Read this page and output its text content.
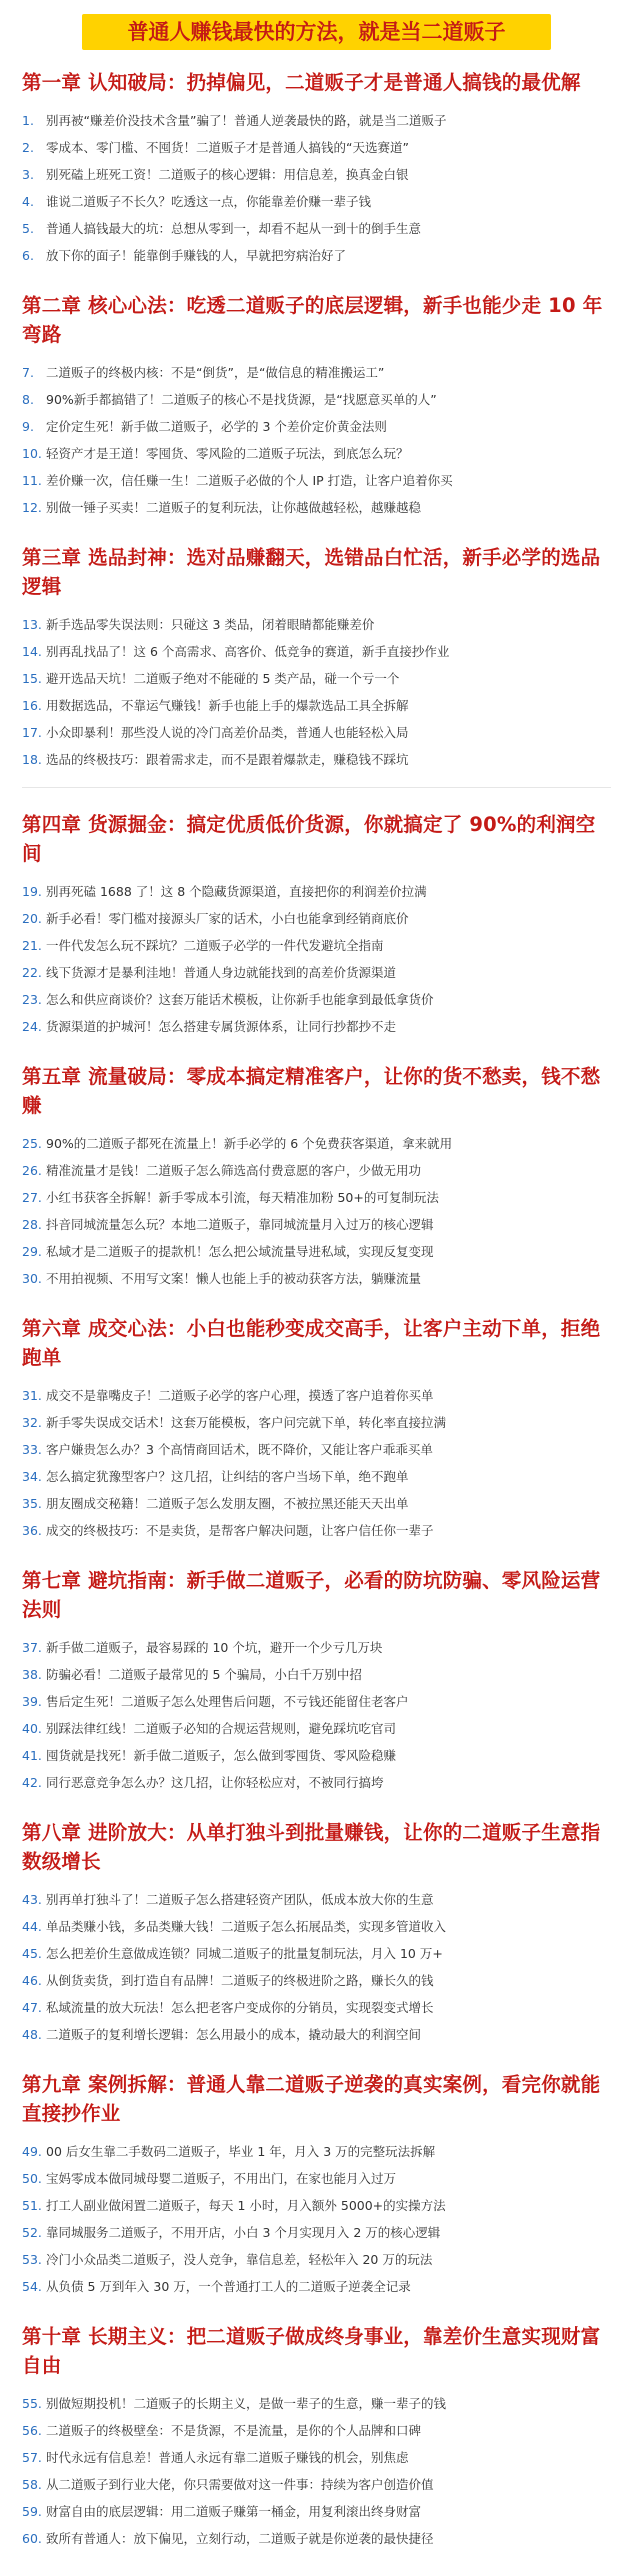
普通人赚钱最快的方法，就是当二道贩子
第一章 认知破局：扔掉偏见，二道贩子才是普通人搞钱的最优解
1. 别再被“赚差价没技术含量”骗了！普通人逆袭最快的路，就是当二道贩子
2. 零成本、零门槛、不囤货！二道贩子才是普通人搞钱的“天选赛道”
3. 别死磕上班死工资！二道贩子的核心逻辑：用信息差，换真金白银
4. 谁说二道贩子不长久？吃透这一点，你能靠差价赚一辈子钱
5. 普通人搞钱最大的坑：总想从零到一，却看不起从一到十的倒手生意
6. 放下你的面子！能靠倒手赚钱的人，早就把穷病治好了
第二章 核心心法：吃透二道贩子的底层逻辑，新手也能少走 10 年弯路
7. 二道贩子的终极内核：不是“倒货”，是“做信息的精准搬运工”
8. 90%新手都搞错了！二道贩子的核心不是找货源，是“找愿意买单的人”
9. 定价定生死！新手做二道贩子，必学的 3 个差价定价黄金法则
10. 轻资产才是王道！零囤货、零风险的二道贩子玩法，到底怎么玩？
11. 差价赚一次，信任赚一生！二道贩子必做的个人 IP 打造，让客户追着你买
12. 别做一锤子买卖！二道贩子的复利玩法，让你越做越轻松，越赚越稳
第三章 选品封神：选对品赚翻天，选错品白忙活，新手必学的选品逻辑
13. 新手选品零失误法则：只碰这 3 类品，闭着眼睛都能赚差价
14. 别再乱找品了！这 6 个高需求、高客价、低竞争的赛道，新手直接抄作业
15. 避开选品天坑！二道贩子绝对不能碰的 5 类产品，碰一个亏一个
16. 用数据选品，不靠运气赚钱！新手也能上手的爆款选品工具全拆解
17. 小众即暴利！那些没人说的冷门高差价品类，普通人也能轻松入局
18. 选品的终极技巧：跟着需求走，而不是跟着爆款走，赚稳钱不踩坑
第四章 货源掘金：搞定优质低价货源，你就搞定了 90%的利润空间
19. 别再死磕 1688 了！这 8 个隐藏货源渠道，直接把你的利润差价拉满
20. 新手必看！零门槛对接源头厂家的话术，小白也能拿到经销商底价
21. 一件代发怎么玩不踩坑？二道贩子必学的一件代发避坑全指南
22. 线下货源才是暴利洼地！普通人身边就能找到的高差价货源渠道
23. 怎么和供应商谈价？这套万能话术模板，让你新手也能拿到最低拿货价
24. 货源渠道的护城河！怎么搭建专属货源体系，让同行抄都抄不走
第五章 流量破局：零成本搞定精准客户，让你的货不愁卖，钱不愁赚
25. 90%的二道贩子都死在流量上！新手必学的 6 个免费获客渠道，拿来就用
26. 精准流量才是钱！二道贩子怎么筛选高付费意愿的客户，少做无用功
27. 小红书获客全拆解！新手零成本引流，每天精准加粉 50+的可复制玩法
28. 抖音同城流量怎么玩？本地二道贩子，靠同城流量月入过万的核心逻辑
29. 私域才是二道贩子的提款机！怎么把公域流量导进私域，实现反复变现
30. 不用拍视频、不用写文案！懒人也能上手的被动获客方法，躺赚流量
第六章 成交心法：小白也能秒变成交高手，让客户主动下单，拒绝跑单
31. 成交不是靠嘴皮子！二道贩子必学的客户心理，摸透了客户追着你买单
32. 新手零失误成交话术！这套万能模板，客户问完就下单，转化率直接拉满
33. 客户嫌贵怎么办？3 个高情商回话术，既不降价，又能让客户乖乖买单
34. 怎么搞定犹豫型客户？这几招，让纠结的客户当场下单，绝不跑单
35. 朋友圈成交秘籍！二道贩子怎么发朋友圈，不被拉黑还能天天出单
36. 成交的终极技巧：不是卖货，是帮客户解决问题，让客户信任你一辈子
第七章 避坑指南：新手做二道贩子，必看的防坑防骗、零风险运营法则
37. 新手做二道贩子，最容易踩的 10 个坑，避开一个少亏几万块
38. 防骗必看！二道贩子最常见的 5 个骗局，小白千万别中招
39. 售后定生死！二道贩子怎么处理售后问题，不亏钱还能留住老客户
40. 别踩法律红线！二道贩子必知的合规运营规则，避免踩坑吃官司
41. 囤货就是找死！新手做二道贩子，怎么做到零囤货、零风险稳赚
42. 同行恶意竞争怎么办？这几招，让你轻松应对，不被同行搞垮
第八章 进阶放大：从单打独斗到批量赚钱，让你的二道贩子生意指数级增长
43. 别再单打独斗了！二道贩子怎么搭建轻资产团队，低成本放大你的生意
44. 单品类赚小钱，多品类赚大钱！二道贩子怎么拓展品类，实现多管道收入
45. 怎么把差价生意做成连锁？同城二道贩子的批量复制玩法，月入 10 万+
46. 从倒货卖货，到打造自有品牌！二道贩子的终极进阶之路，赚长久的钱
47. 私域流量的放大玩法！怎么把老客户变成你的分销员，实现裂变式增长
48. 二道贩子的复利增长逻辑：怎么用最小的成本，撬动最大的利润空间
第九章 案例拆解：普通人靠二道贩子逆袭的真实案例，看完你就能直接抄作业
49. 00 后女生靠二手数码二道贩子，毕业 1 年，月入 3 万的完整玩法拆解
50. 宝妈零成本做同城母婴二道贩子，不用出门，在家也能月入过万
51. 打工人副业做闲置二道贩子，每天 1 小时，月入额外 5000+的实操方法
52. 靠同城服务二道贩子，不用开店，小白 3 个月实现月入 2 万的核心逻辑
53. 冷门小众品类二道贩子，没人竞争，靠信息差，轻松年入 20 万的玩法
54. 从负债 5 万到年入 30 万，一个普通打工人的二道贩子逆袭全记录
第十章 长期主义：把二道贩子做成终身事业，靠差价生意实现财富自由
55. 别做短期投机！二道贩子的长期主义，是做一辈子的生意，赚一辈子的钱
56. 二道贩子的终极壁垒：不是货源，不是流量，是你的个人品牌和口碑
57. 时代永远有信息差！普通人永远有靠二道贩子赚钱的机会，别焦虑
58. 从二道贩子到行业大佬，你只需要做对这一件事：持续为客户创造价值
59. 财富自由的底层逻辑：用二道贩子赚第一桶金，用复利滚出终身财富
60. 致所有普通人：放下偏见，立刻行动，二道贩子就是你逆袭的最快捷径
